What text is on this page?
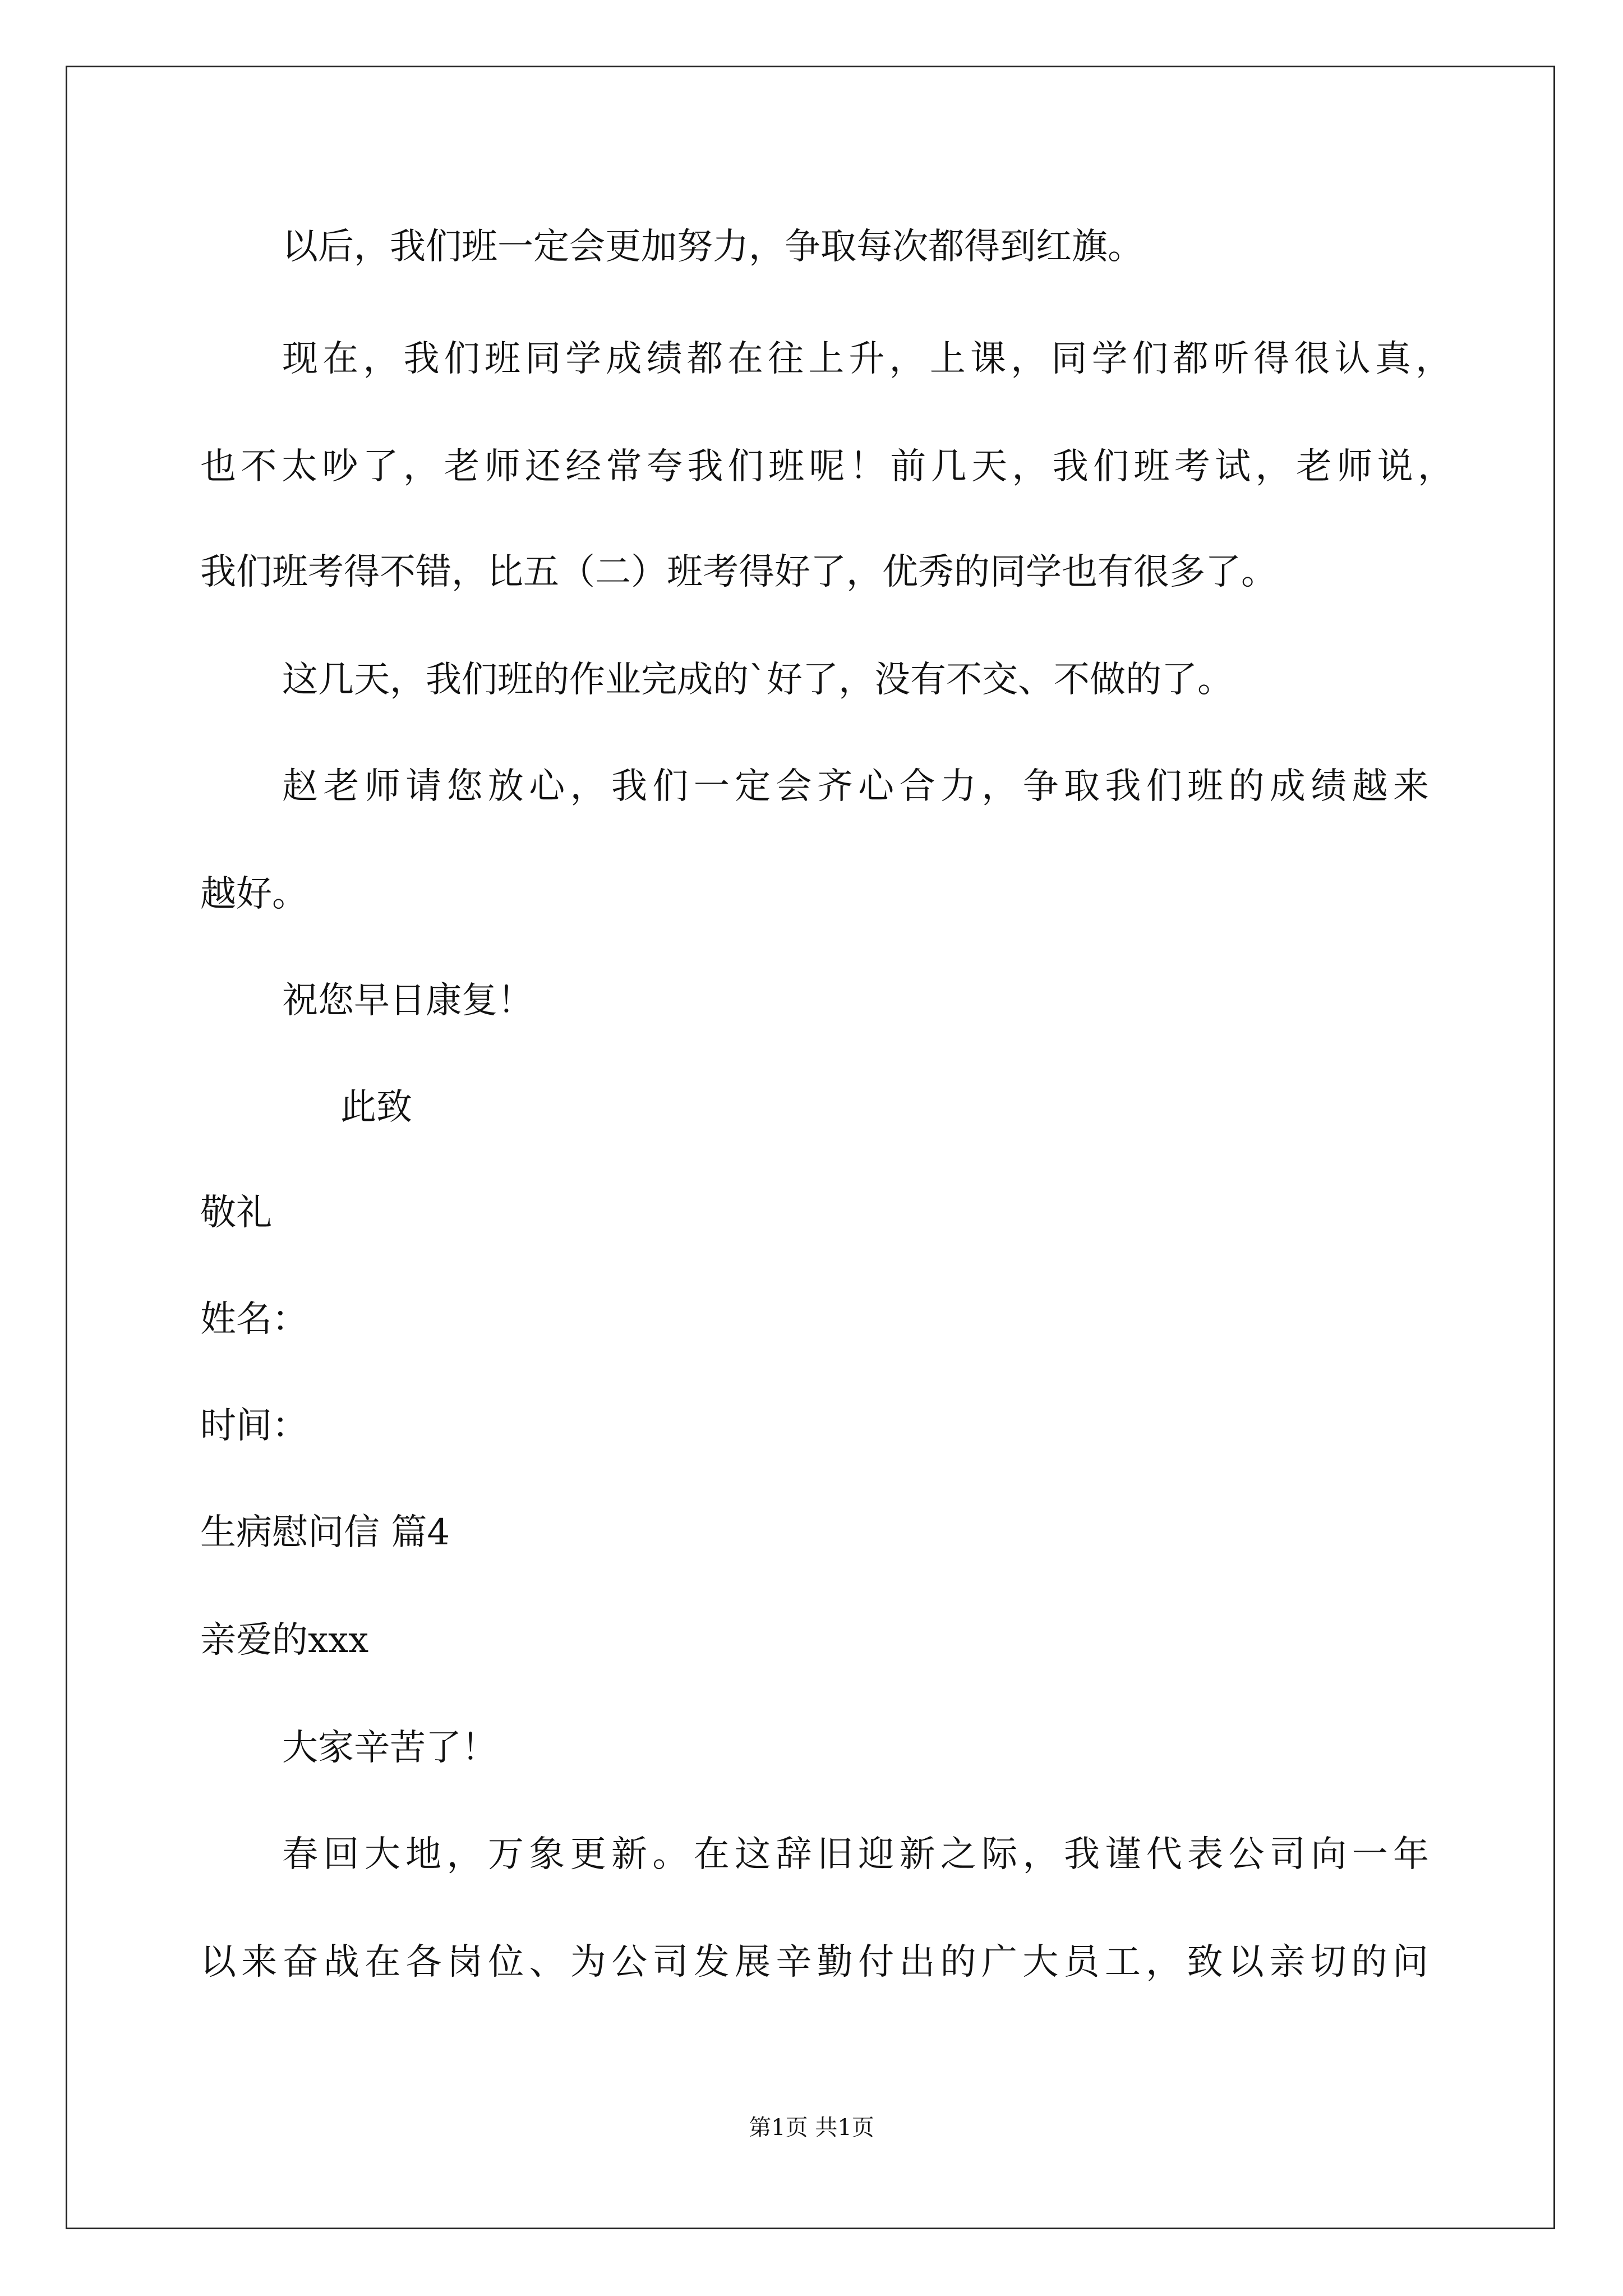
以后，我们班一定会更加努力，争取每次都得到红旗。
现在，我们班同学成绩都在往上升，上课，同学们都听得很认真，
也不太吵了，老师还经常夸我们班呢！前几天，我们班考试，老师说，
我们班考得不错，比五（二）班考得好了，优秀的同学也有很多了。
这几天，我们班的作业完成的`好了，没有不交、不做的了。
赵老师请您放心，我们一定会齐心合力，争取我们班的成绩越来
越好。
祝您早日康复！
此致
敬礼
姓名：
时间：
生病慰问信 篇4
亲爱的xxx
大家辛苦了！
春回大地，万象更新。在这辞旧迎新之际，我谨代表公司向一年
以来奋战在各岗位、为公司发展辛勤付出的广大员工，致以亲切的问
第1页 共1页
